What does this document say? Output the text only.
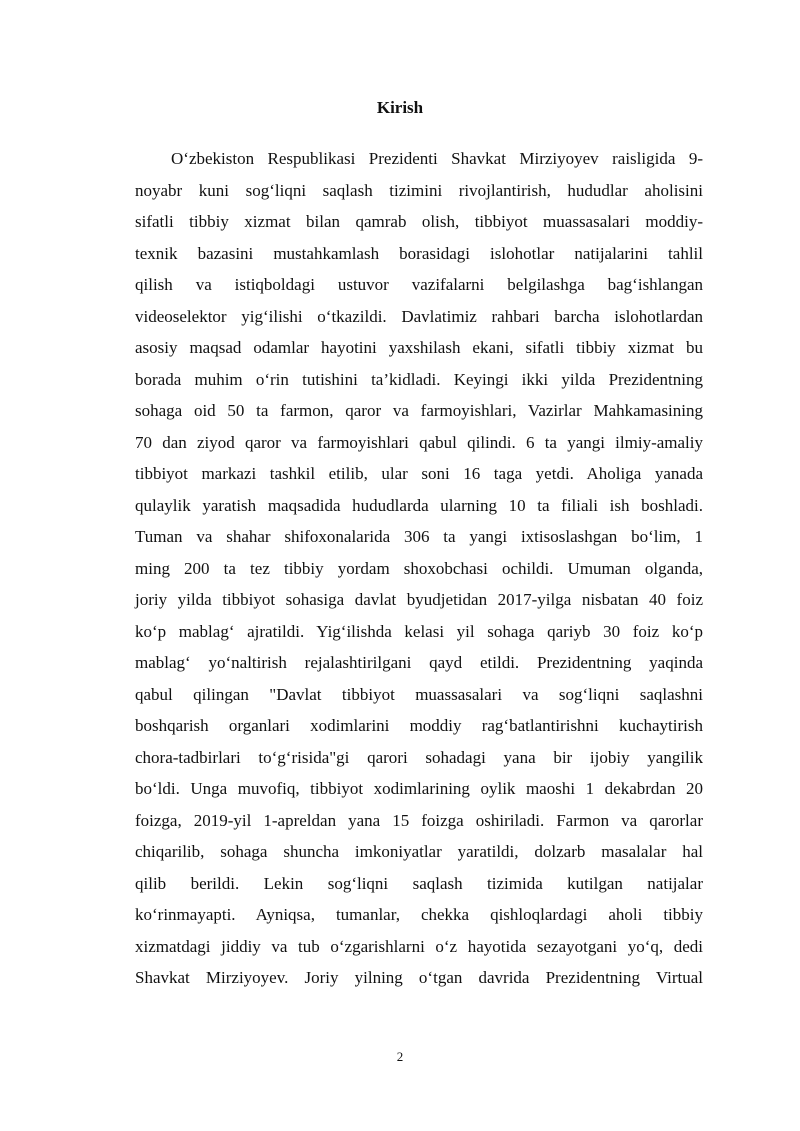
Kirish
O‘zbekiston Respublikasi Prezidenti Shavkat Mirziyoyev raisligida 9-
noyabr kuni sog‘liqni saqlash tizimini rivojlantirish, hududlar aholisini
sifatli tibbiy xizmat bilan qamrab olish, tibbiyot muassasalari moddiy-
texnik bazasini mustahkamlash borasidagi islohotlar natijalarini tahlil
qilish va istiqboldagi ustuvor vazifalarni belgilashga bag‘ishlangan
videoselektor yig‘ilishi o‘tkazildi. Davlatimiz rahbari barcha islohotlardan
asosiy maqsad odamlar hayotini yaxshilash ekani, sifatli tibbiy xizmat bu
borada muhim o‘rin tutishini ta’kidladi. Keyingi ikki yilda Prezidentning
sohaga oid 50 ta farmon, qaror va farmoyishlari, Vazirlar Mahkamasining
70 dan ziyod qaror va farmoyishlari qabul qilindi. 6 ta yangi ilmiy-amaliy
tibbiyot markazi tashkil etilib, ular soni 16 taga yetdi. Aholiga yanada
qulaylik yaratish maqsadida hududlarda ularning 10 ta filiali ish boshladi.
Tuman va shahar shifoxonalarida 306 ta yangi ixtisoslashgan bo‘lim, 1
ming 200 ta tez tibbiy yordam shoxobchasi ochildi. Umuman olganda,
joriy yilda tibbiyot sohasiga davlat byudjetidan 2017-yilga nisbatan 40 foiz
ko‘p mablag‘ ajratildi. Yig‘ilishda kelasi yil sohaga qariyb 30 foiz ko‘p
mablag‘ yo‘naltirish rejalashtirilgani qayd etildi. Prezidentning yaqinda
qabul qilingan "Davlat tibbiyot muassasalari va sog‘liqni saqlashni
boshqarish organlari xodimlarini moddiy rag‘batlantirishni kuchaytirish
chora-tadbirlari to‘g‘risida"gi qarori sohadagi yana bir ijobiy yangilik
bo‘ldi. Unga muvofiq, tibbiyot xodimlarining oylik maoshi 1 dekabrdan 20
foizga, 2019-yil 1-apreldan yana 15 foizga oshiriladi. Farmon va qarorlar
chiqarilib, sohaga shuncha imkoniyatlar yaratildi, dolzarb masalalar hal
qilib berildi. Lekin sog‘liqni saqlash tizimida kutilgan natijalar
ko‘rinmayapti. Ayniqsa, tumanlar, chekka qishloqlardagi aholi tibbiy
xizmatdagi jiddiy va tub o‘zgarishlarni o‘z hayotida sezayotgani yo‘q, dedi
Shavkat Mirziyoyev. Joriy yilning o‘tgan davrida Prezidentning Virtual
2
